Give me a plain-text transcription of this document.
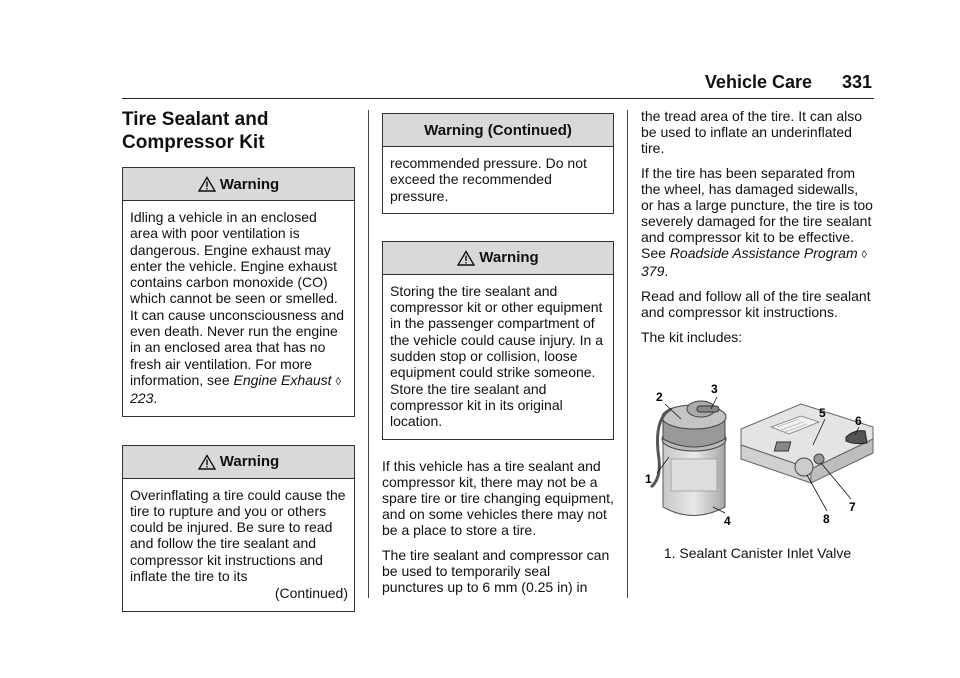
Vehicle Care 331
Tire Sealant and Compressor Kit
Warning
Idling a vehicle in an enclosed area with poor ventilation is dangerous. Engine exhaust may enter the vehicle. Engine exhaust contains carbon monoxide (CO) which cannot be seen or smelled. It can cause unconsciousness and even death. Never run the engine in an enclosed area that has no fresh air ventilation. For more information, see Engine Exhaust ◊ 223.
Warning
Overinflating a tire could cause the tire to rupture and you or others could be injured. Be sure to read and follow the tire sealant and compressor kit instructions and inflate the tire to its
(Continued)
Warning (Continued)
recommended pressure. Do not exceed the recommended pressure.
Warning
Storing the tire sealant and compressor kit or other equipment in the passenger compartment of the vehicle could cause injury. In a sudden stop or collision, loose equipment could strike someone. Store the tire sealant and compressor kit in its original location.

If this vehicle has a tire sealant and compressor kit, there may not be a spare tire or tire changing equipment, and on some vehicles there may not be a place to store a tire.

The tire sealant and compressor can be used to temporarily seal punctures up to 6 mm (0.25 in) in

the tread area of the tire. It can also be used to inflate an underinflated tire.

If the tire has been separated from the wheel, has damaged sidewalls, or has a large puncture, the tire is too severely damaged for the tire sealant and compressor kit to be effective. See Roadside Assistance Program ◊ 379.

Read and follow all of the tire sealant and compressor kit instructions.

The kit includes:

1
2
3
4
5
6
7
8
1. Sealant Canister Inlet Valve
